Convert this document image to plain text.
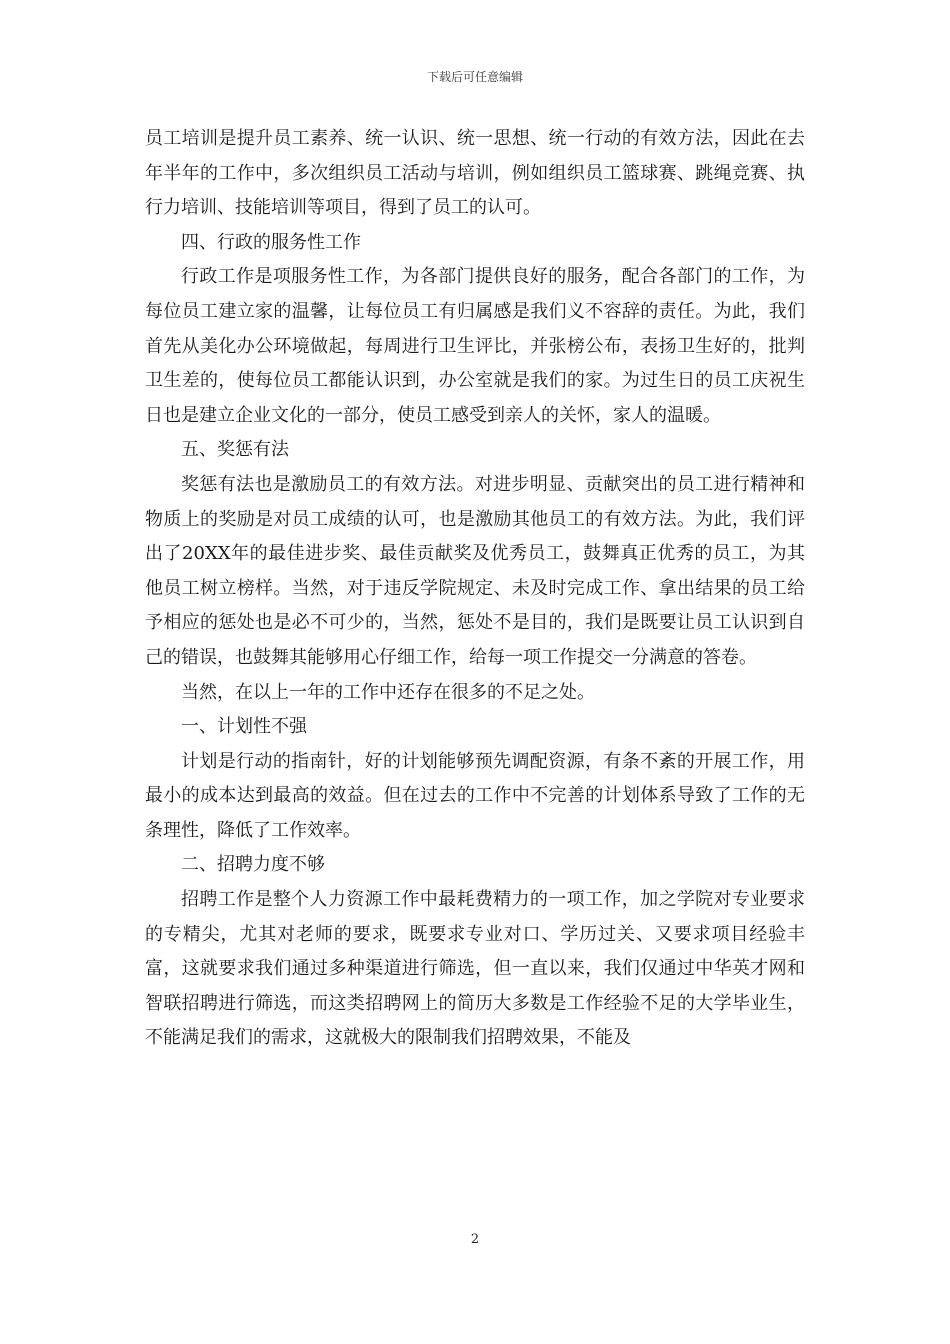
下载后可任意编辑

员工培训是提升员工素养、统一认识、统一思想、统一行动的有效方法，因此在去年半年的工作中，多次组织员工活动与培训，例如组织员工篮球赛、跳绳竞赛、执行力培训、技能培训等项目，得到了员工的认可。

四、行政的服务性工作

行政工作是项服务性工作，为各部门提供良好的服务，配合各部门的工作，为每位员工建立家的温馨，让每位员工有归属感是我们义不容辞的责任。为此，我们首先从美化办公环境做起，每周进行卫生评比，并张榜公布，表扬卫生好的，批判卫生差的，使每位员工都能认识到，办公室就是我们的家。为过生日的员工庆祝生日也是建立企业文化的一部分，使员工感受到亲人的关怀，家人的温暖。

五、奖惩有法

奖惩有法也是激励员工的有效方法。对进步明显、贡献突出的员工进行精神和物质上的奖励是对员工成绩的认可，也是激励其他员工的有效方法。为此，我们评出了20XX年的最佳进步奖、最佳贡献奖及优秀员工，鼓舞真正优秀的员工，为其他员工树立榜样。当然，对于违反学院规定、未及时完成工作、拿出结果的员工给予相应的惩处也是必不可少的，当然，惩处不是目的，我们是既要让员工认识到自己的错误，也鼓舞其能够用心仔细工作，给每一项工作提交一分满意的答卷。

当然，在以上一年的工作中还存在很多的不足之处。

一、计划性不强

计划是行动的指南针，好的计划能够预先调配资源，有条不紊的开展工作，用最小的成本达到最高的效益。但在过去的工作中不完善的计划体系导致了工作的无条理性，降低了工作效率。

二、招聘力度不够

招聘工作是整个人力资源工作中最耗费精力的一项工作，加之学院对专业要求的专精尖，尤其对老师的要求，既要求专业对口、学历过关、又要求项目经验丰富，这就要求我们通过多种渠道进行筛选，但一直以来，我们仅通过中华英才网和智联招聘进行筛选，而这类招聘网上的简历大多数是工作经验不足的大学毕业生，不能满足我们的需求，这就极大的限制我们招聘效果，不能及

2
